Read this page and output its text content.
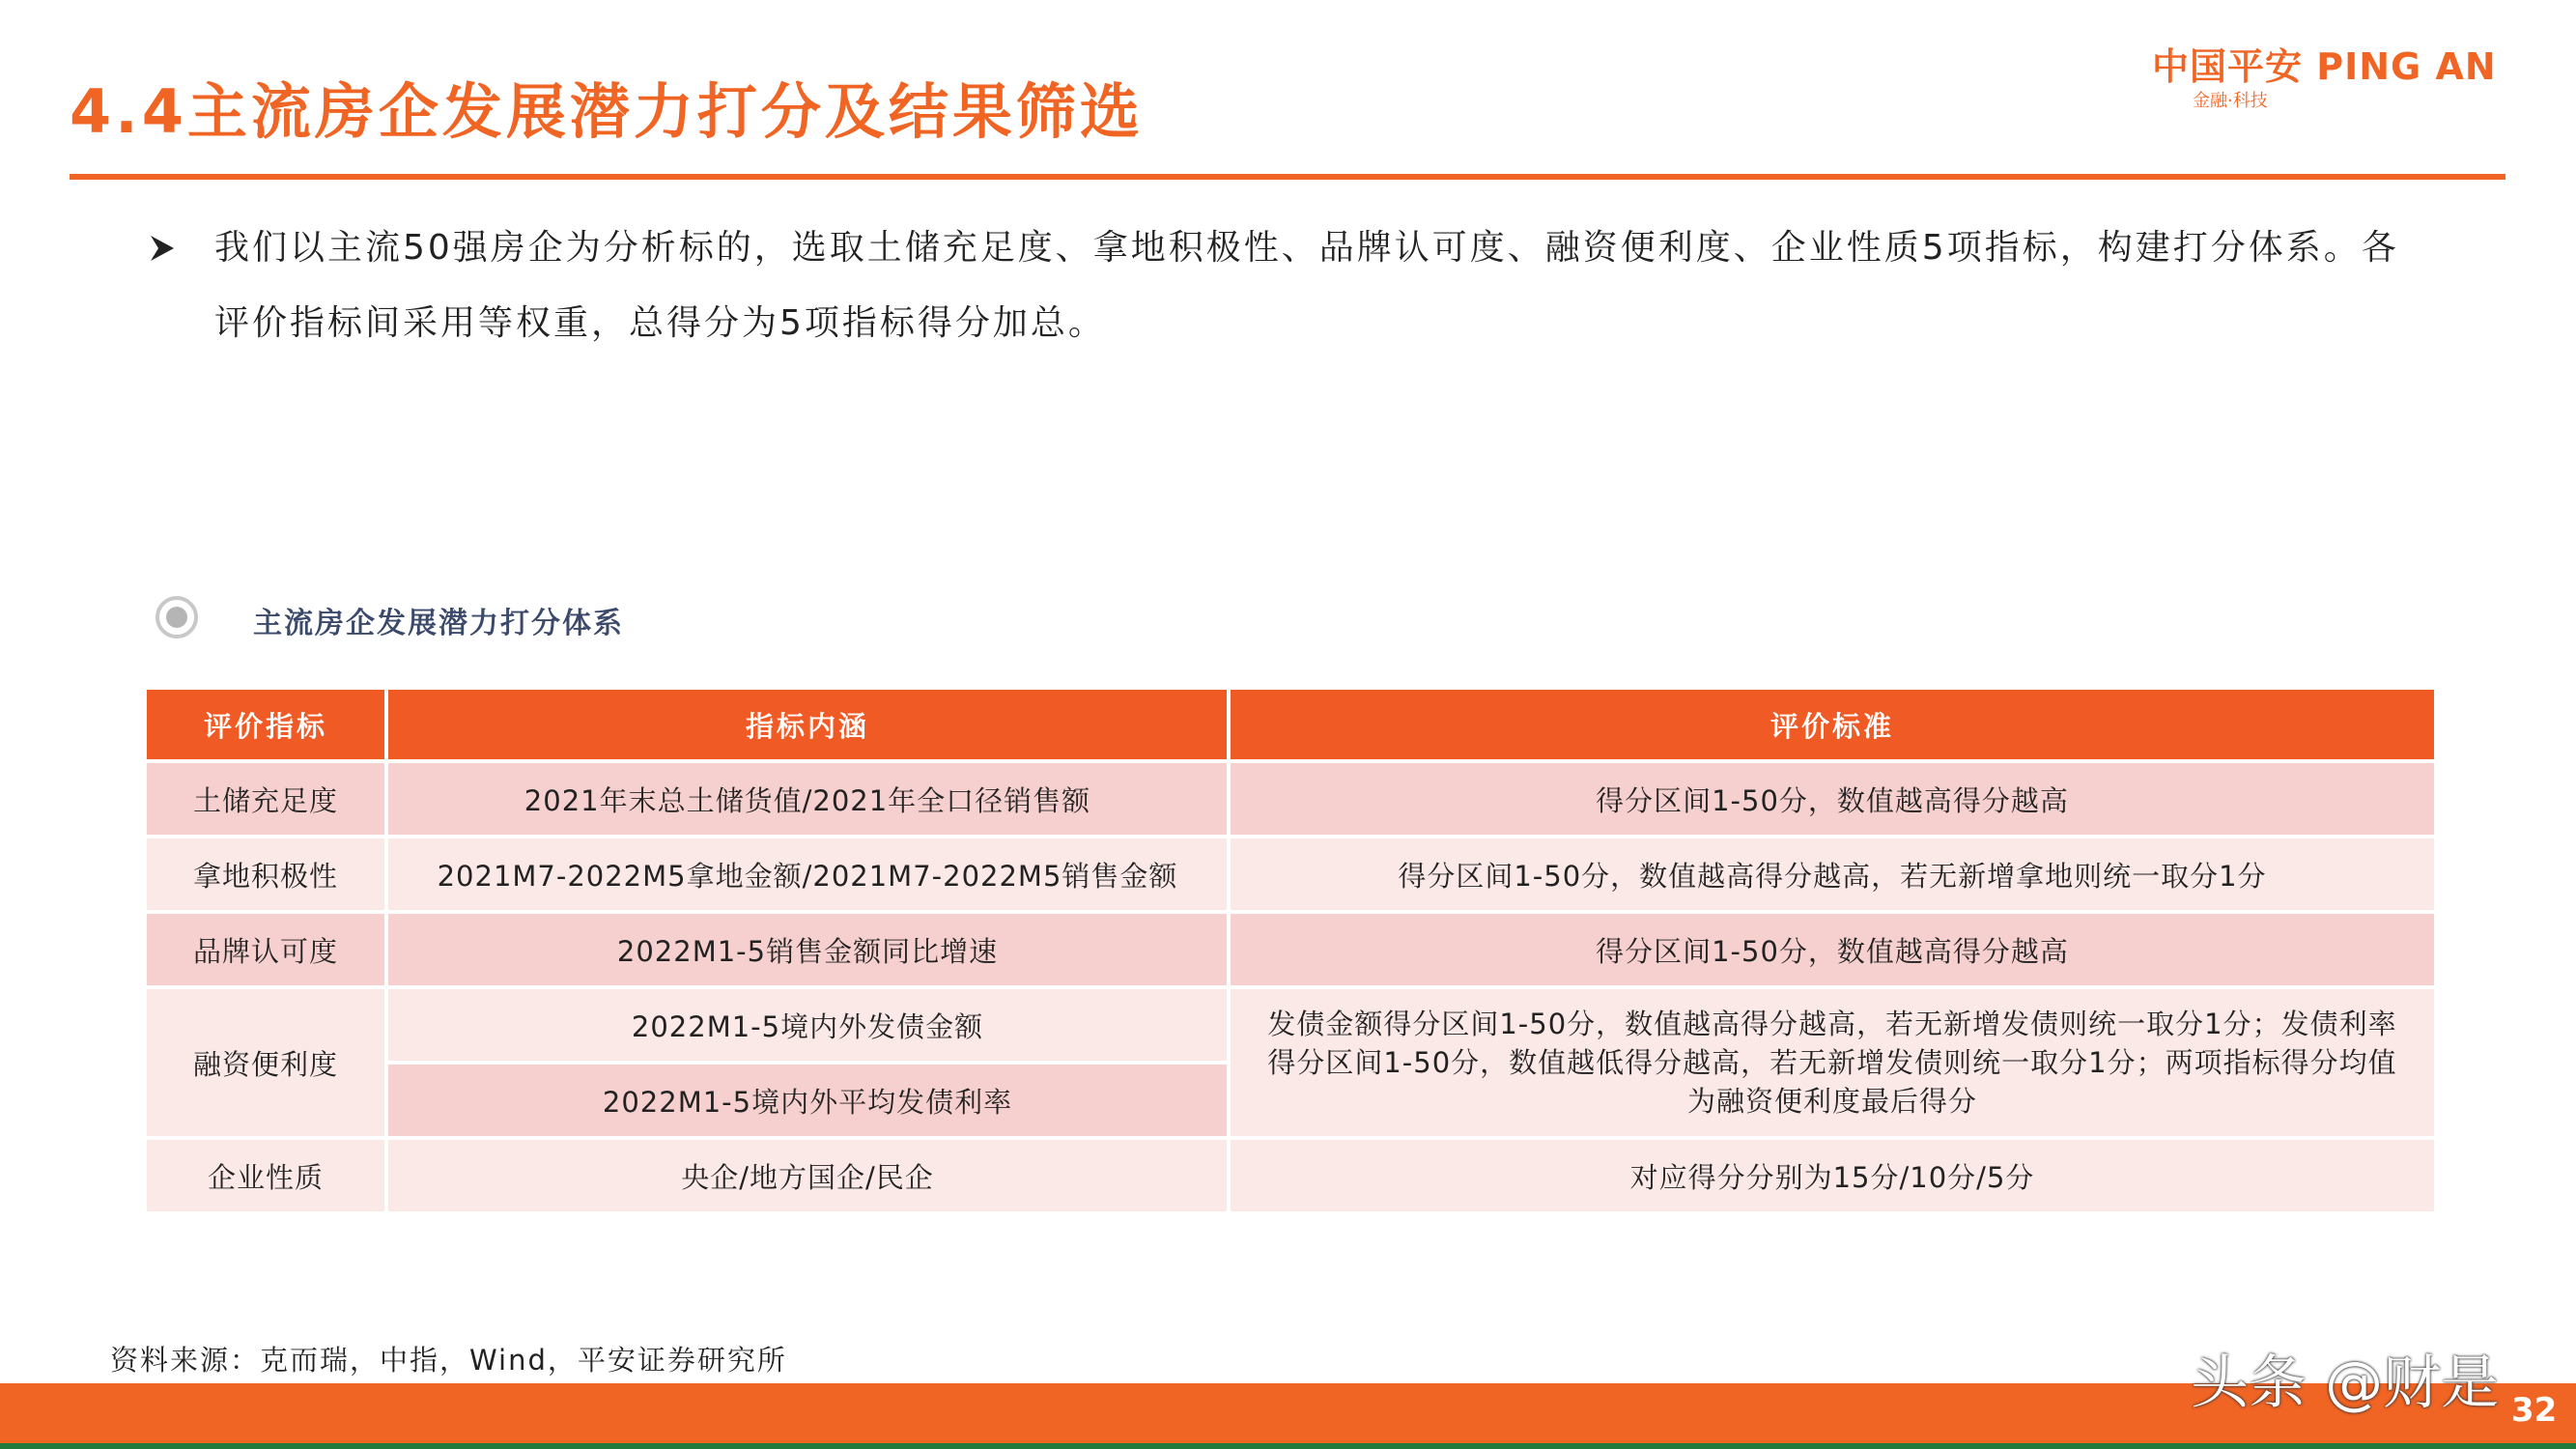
4.4主流房企发展潜力打分及结果筛选
中国平安 PING AN
金融·科技
我们以主流50强房企为分析标的，选取土储充足度、拿地积极性、品牌认可度、融资便利度、企业性质5项指标，构建打分体系。各评价指标间采用等权重，总得分为5项指标得分加总。
主流房企发展潜力打分体系
评价指标	指标内涵	评价标准
土储充足度	2021年末总土储货值/2021年全口径销售额	得分区间1-50分，数值越高得分越高
拿地积极性	2021M7-2022M5拿地金额/2021M7-2022M5销售金额	得分区间1-50分，数值越高得分越高，若无新增拿地则统一取分1分
品牌认可度	2022M1-5销售金额同比增速	得分区间1-50分，数值越高得分越高
融资便利度	2022M1-5境内外发债金额	发债金额得分区间1-50分，数值越高得分越高，若无新增发债则统一取分1分；发债利率得分区间1-50分，数值越低得分越高，若无新增发债则统一取分1分；两项指标得分均值为融资便利度最后得分
	2022M1-5境内外平均发债利率	
企业性质	央企/地方国企/民企	对应得分分别为15分/10分/5分
资料来源：克而瑞，中指，Wind，平安证券研究所	头条 @财是 32
